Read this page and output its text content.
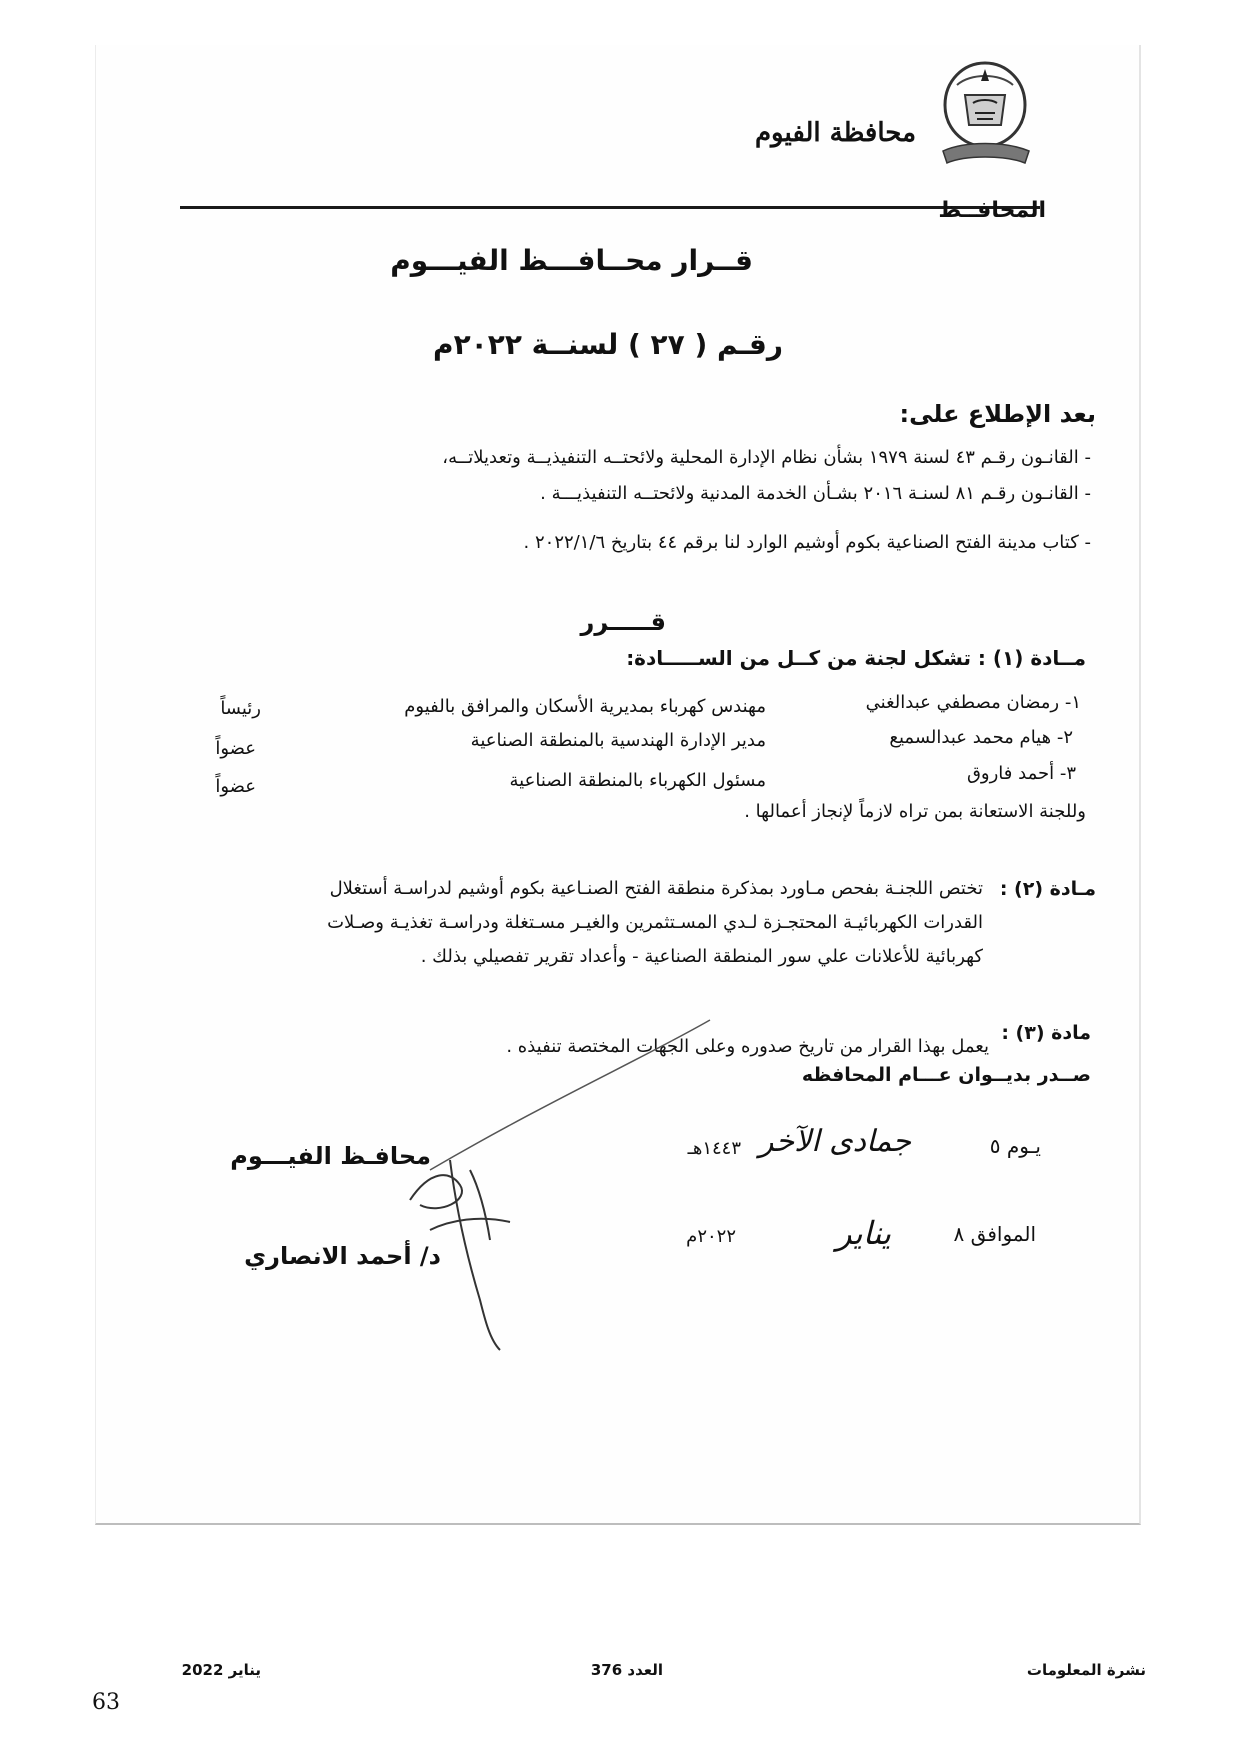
محافظة الفيوم
المحافــظ
قــرار محــافـــظ الفيـــوم
رقـم ( ٢٧ ) لسنــة ٢٠٢٢م
بعد الإطلاع على:
- القانـون رقـم ٤٣ لسنة ١٩٧٩ بشأن نظام الإدارة المحلية ولائحتــه التنفيذيــة وتعديلاتــه،
- القانـون رقـم ٨١ لسنـة ٢٠١٦ بشـأن الخدمة المدنية ولائحتــه التنفيذيـــة .
- كتاب مدينة الفتح الصناعية بكوم أوشيم الوارد لنا برقم ٤٤ بتاريخ ٢٠٢٢/١/٦ .
قـــــرر
مــادة (١) : تشكل لجنة من كــل من الســـــادة:
١- رمضان مصطفي عبدالغني
مهندس كهرباء بمديرية الأسكان والمرافق بالفيوم
رئيساً
٢- هيام محمد عبدالسميع
مدير الإدارة الهندسية بالمنطقة الصناعية
عضواً
٣- أحمد فاروق
مسئول الكهرباء بالمنطقة الصناعية
عضواً
وللجنة الاستعانة بمن تراه لازماً لإنجاز أعمالها .
مـادة (٢) :
تختص اللجنـة بفحص مـاورد بمذكرة منطقة الفتح الصنـاعية بكوم أوشيم لدراسـة أستغلال
القدرات الكهربائيـة المحتجـزة لـدي المسـتثمرين والغيـر مسـتغلة ودراسـة تغذيـة وصـلات
كهربائية للأعلانات علي سور المنطقة الصناعية - وأعداد تقرير تفصيلي بذلك .
مادة (٣) :
يعمل بهذا القرار من تاريخ صدوره وعلى الجهات المختصة تنفيذه .
صــدر بديــوان عـــام المحافظه
يـوم ٥
جمادى الآخر
١٤٤٣هـ
الموافق ٨
يناير
٢٠٢٢م
محافـظ الفيـــوم
د/ أحمد الانصاري
نشرة المعلومات
العدد 376
يناير 2022
63
